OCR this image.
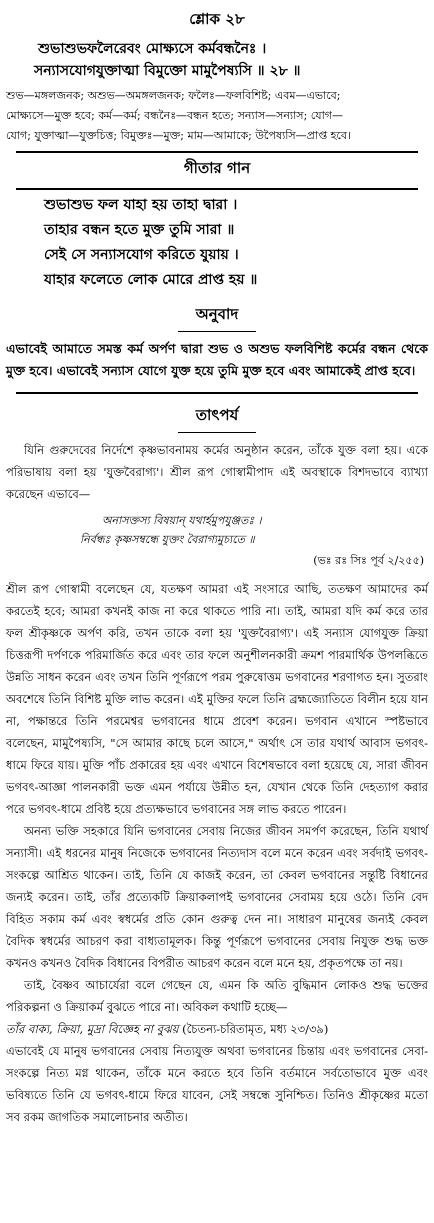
শ্লোক ২৮
শুভাশুভফলৈরেবং মোক্ষ্যসে কর্মবন্ধনৈঃ ।
সন্যাসযোগযুক্তাত্মা বিমুক্তো মামুপৈষ্যসি ॥ ২৮ ॥
শুভ—মঙ্গলজনক; অশুভ—অমঙ্গলজনক; ফলৈঃ—ফলবিশিষ্ট; এবম—এভাবে;
মোক্ষ্যসে—মুক্ত হবে; কর্ম—কর্ম; বন্ধনৈঃ—বন্ধন হতে; সন্যাস—সন্যাস; যোগ—
যোগ; যুক্তাত্মা—যুক্তচিত্ত; বিমুক্তঃ—মুক্ত; মাম—আমাকে; উপৈষ্যসি—প্রাপ্ত হবে।
গীতার গান
শুভাশুভ ফল যাহা হয় তাহা দ্বারা ।
তাহার বন্ধন হতে মুক্ত তুমি সারা ॥
সেই সে সন্যাসযোগ করিতে যুয়ায় ।
যাহার ফলেতে লোক মোরে প্রাপ্ত হয় ॥
অনুবাদ
এভাবেই আমাতে সমস্ত কর্ম অর্পণ দ্বারা শুভ ও অশুভ ফলবিশিষ্ট কর্মের বন্ধন থেকে মুক্ত হবে। এভাবেই সন্যাস যোগে যুক্ত হয়ে তুমি মুক্ত হবে এবং আমাকেই প্রাপ্ত হবে।
তাৎপর্য

যিনি গুরুদেবের নির্দেশে কৃষ্ণভাবনাময় কর্মের অনুষ্ঠান করেন, তাঁকে যুক্ত বলা হয়। একে পরিভাষায় বলা হয় 'যুক্তবৈরাগ্য'। শ্রীল রূপ গোস্বামীপাদ এই অবস্থাকে বিশদভাবে ব্যাখ্যা করেছেন এভাবে—

অনাসক্তস্য বিষয়ান্ যথার্হমুপযুঞ্জতঃ ।
নির্বন্ধঃ কৃষ্ণসম্বন্ধে যুক্তং বৈরাগ্যমুচ্যতে ॥
(ভঃ রঃ সিঃ পূর্ব ২/২৫৫)

শ্রীল রূপ গোস্বামী বলেছেন যে, যতক্ষণ আমরা এই সংসারে আছি, ততক্ষণ আমাদের কর্ম করতেই হবে; আমরা কখনই কাজ না করে থাকতে পারি না। তাই, আমরা যদি কর্ম করে তার ফল শ্রীকৃষ্ণকে অর্পণ করি, তখন তাকে বলা হয় 'যুক্তবৈরাগ্য'। এই সন্যাস যোগযুক্ত ক্রিয়া চিত্তরূপী দর্পণকে পরিমার্জিত করে এবং তার ফলে অনুশীলনকারী ক্রমশ পারমার্থিক উপলব্ধিতে উন্নতি সাধন করেন এবং তখন তিনি পূর্ণরূপে পরম পুরুষোত্তম ভগবানের শরণাগত হন। সুতরাং অবশেষে তিনি বিশিষ্ট মুক্তি লাভ করেন। এই মুক্তির ফলে তিনি ব্রহ্মজ্যোতিতে বিলীন হয়ে যান না, পক্ষান্তরে তিনি পরমেশ্বর ভগবানের ধামে প্রবেশ করেন। ভগবান এখানে স্পষ্টভাবে বলেছেন, মামুপৈষ্যসি, "সে আমার কাছে চলে আসে," অর্থাৎ সে তার যথার্থ আবাস ভগবৎ-ধামে ফিরে যায়। মুক্তি পাঁচ প্রকারের হয় এবং এখানে বিশেষভাবে বলা হয়েছে যে, সারা জীবন ভগবৎ-আজ্ঞা পালনকারী ভক্ত এমন পর্যায়ে উন্নীত হন, যেখান থেকে তিনি দেহত্যাগ করার পরে ভগবৎ-ধামে প্রবিষ্ট হয়ে প্রত্যক্ষভাবে ভগবানের সঙ্গ লাভ করতে পারেন।

অনন্য ভক্তি সহকারে যিনি ভগবানের সেবায় নিজের জীবন সমর্পণ করেছেন, তিনি যথার্থ সন্যাসী। এই ধরনের মানুষ নিজেকে ভগবানের নিত্যদাস বলে মনে করেন এবং সর্বদাই ভগবৎ-সংকল্পে আশ্রিত থাকেন। তাই, তিনি যে কাজই করেন, তা কেবল ভগবানের সন্তুষ্টি বিধানের জন্যই করেন। তাই, তাঁর প্রত্যেকটি ক্রিয়াকলাপই ভগবানের সেবাময় হয়ে ওঠে। তিনি বেদ বিহিত সকাম কর্ম এবং স্বধর্মের প্রতি কোন গুরুত্ব দেন না। সাধারণ মানুষের জন্যই কেবল বৈদিক স্বধর্মের আচরণ করা বাধ্যতামূলক। কিন্তু পূর্ণরূপে ভগবানের সেবায় নিযুক্ত শুদ্ধ ভক্ত কখনও কখনও বৈদিক বিধানের বিপরীত আচরণ করেন বলে মনে হয়, প্রকৃতপক্ষে তা নয়।

তাই, বৈষ্ণব আচার্যেরা বলে গেছেন যে, এমন কি অতি বুদ্ধিমান লোকও শুদ্ধ ভক্তের পরিকল্পনা ও ক্রিয়াকর্ম বুঝতে পারে না। অবিকল কথাটি হচ্ছে—

তাঁর বাক্য, ক্রিয়া, মুদ্রা বিজ্ঞেহ না বুঝয় (চৈতন্য-চরিতামৃত, মধ্য ২৩/৩৯)

এভাবেই যে মানুষ ভগবানের সেবায় নিত্যযুক্ত অথবা ভগবানের চিন্তায় এবং ভগবানের সেবা-সংকল্পে নিত্য মগ্ন থাকেন, তাঁকে মনে করতে হবে তিনি বর্তমানে সর্বতোভাবে মুক্ত এবং ভবিষ্যতে তিনি যে ভগবৎ-ধামে ফিরে যাবেন, সেই সম্বন্ধে সুনিশ্চিত। তিনিও শ্রীকৃষ্ণের মতো সব রকম জাগতিক সমালোচনার অতীত।
